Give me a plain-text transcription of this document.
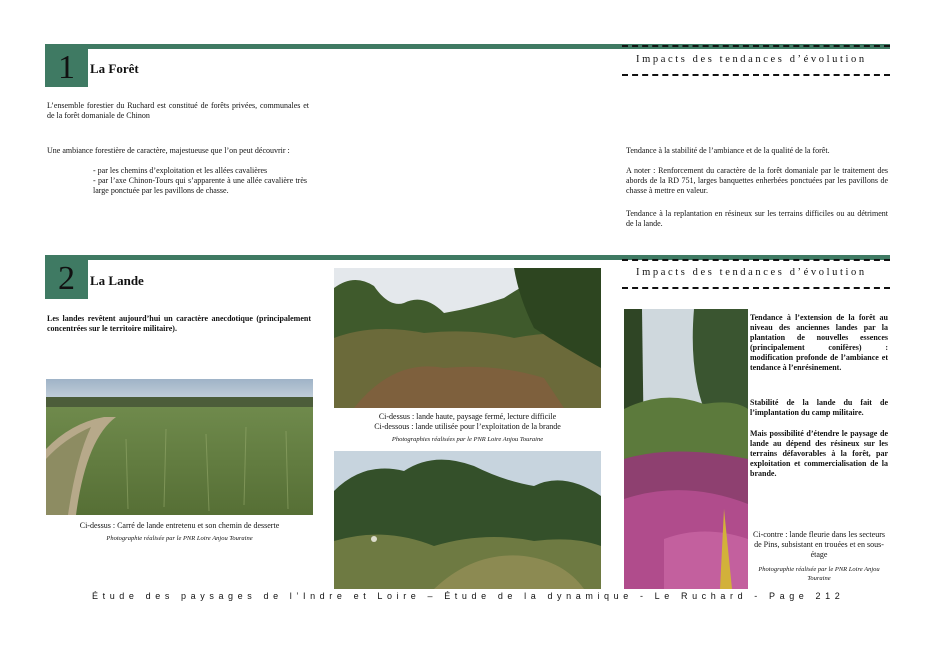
1	La Forêt
Impacts des tendances d’évolution
L’ensemble forestier du Ruchard est constitué de forêts privées, communales et de la forêt domaniale de Chinon
Une ambiance forestière de caractère, majestueuse que l’on peut découvrir :
- par les chemins d’exploitation et les allées cavalières
- par l’axe Chinon-Tours qui s’apparente à une allée cavalière très large ponctuée par les pavillons de chasse.
Tendance à la stabilité de l’ambiance et de la qualité de la forêt.
A noter : Renforcement du caractère de la forêt domaniale par le traitement des abords de la RD 751, larges banquettes enherbées ponctuées par les pavillons de chasse à mettre en valeur.
Tendance à la replantation en résineux sur les terrains difficiles ou au détriment de la lande.
2	La Lande
Impacts des tendances d’évolution
Les landes revêtent aujourd’hui un caractère anecdotique (principalement concentrées sur le territoire militaire).
Ci-dessus : Carré de lande entretenu et son chemin de desserte
Photographie réalisée par le PNR Loire Anjou Touraine
Ci-dessus : lande haute, paysage fermé, lecture difficile
Ci-dessous : lande utilisée pour l’exploitation de la brande
Photographies réalisées par le PNR Loire Anjou Touraine
Tendance à l’extension de la forêt au niveau des anciennes landes par la plantation de nouvelles essences (principalement conifères) : modification profonde de l’ambiance et tendance à l’enrésinement.
Stabilité de la lande du fait de l’implantation du camp militaire.
Mais possibilité d’étendre le paysage de lande au dépend des résineux sur les terrains défavorables à la forêt, par exploitation et commercialisation de la brande.
Ci-contre : lande fleurie dans les secteurs de Pins, subsistant en trouées et en sous-étage
Photographie réalisée par le PNR Loire Anjou Touraine
Étude des paysages de l’Indre et Loire – Étude de la dynamique - Le Ruchard - Page 212
